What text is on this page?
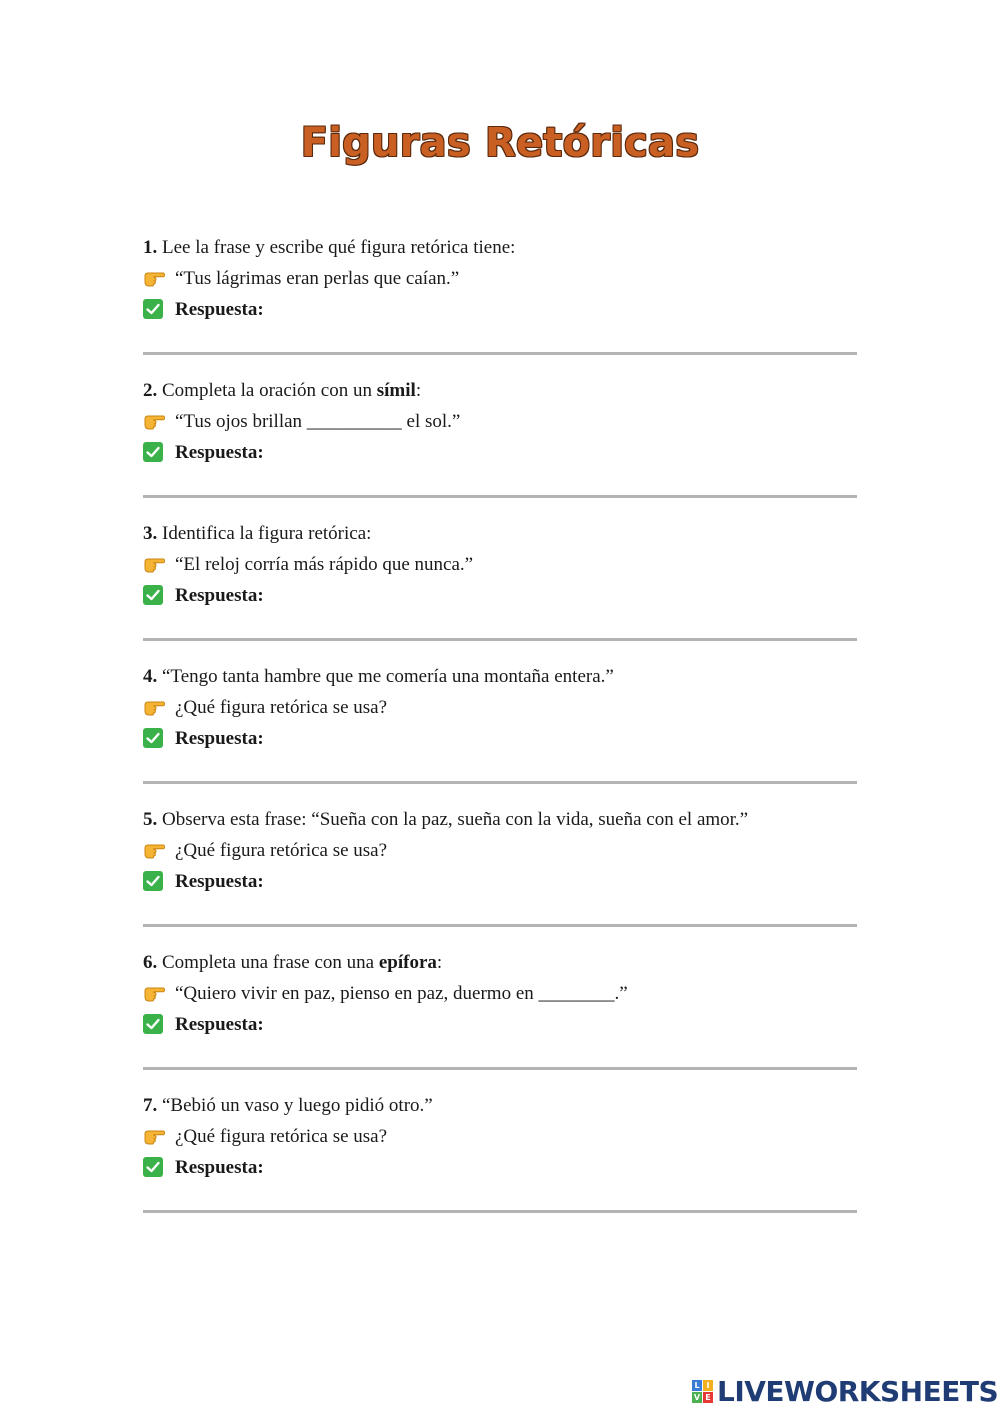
Figuras Retóricas
1. Lee la frase y escribe qué figura retórica tiene:
“Tus lágrimas eran perlas que caían.”
Respuesta:
2. Completa la oración con un símil:
“Tus ojos brillan __________ el sol.”
Respuesta:
3. Identifica la figura retórica:
“El reloj corría más rápido que nunca.”
Respuesta:
4. “Tengo tanta hambre que me comería una montaña entera.”
¿Qué figura retórica se usa?
Respuesta:
5. Observa esta frase: “Sueña con la paz, sueña con la vida, sueña con el amor.”
¿Qué figura retórica se usa?
Respuesta:
6. Completa una frase con una epífora:
“Quiero vivir en paz, pienso en paz, duermo en ________.”
Respuesta:
7. “Bebió un vaso y luego pidió otro.”
¿Qué figura retórica se usa?
Respuesta:
L I
V E LIVEWORKSHEETS
